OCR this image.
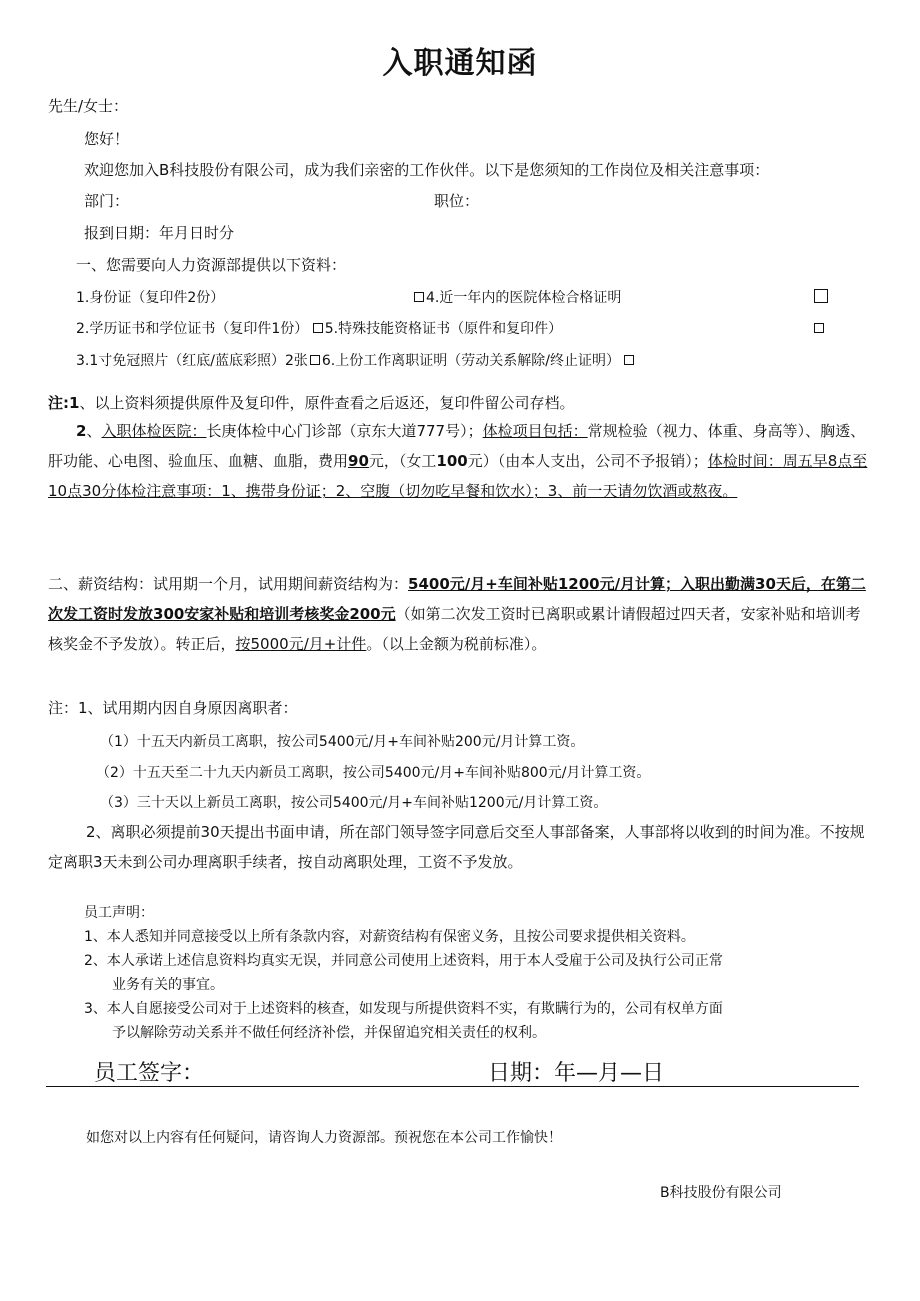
入职通知函
先生/女士：
您好！
欢迎您加入B科技股份有限公司，成为我们亲密的工作伙伴。以下是您须知的工作岗位及相关注意事项：
部门：	职位：
报到日期：年月日时分
一、您需要向人力资源部提供以下资料：
1.身份证（复印件2份）	4.近一年内的医院体检合格证明
2.学历证书和学位证书（复印件1份） 5.特殊技能资格证书（原件和复印件）
3.1寸免冠照片（红底/蓝底彩照）2张 6.上份工作离职证明（劳动关系解除/终止证明）
注:1、以上资料须提供原件及复印件，原件查看之后返还，复印件留公司存档。
2、入职体检医院：长庚体检中心门诊部（京东大道777号）；体检项目包括：常规检验（视力、体重、身高等）、胸透、肝功能、心电图、验血压、血糖、血脂，费用90元，（女工100元）（由本人支出，公司不予报销）；体检时间：周五早8点至10点30分体检注意事项：1、携带身份证；2、空腹（切勿吃早餐和饮水）；3、前一天请勿饮酒或熬夜。
二、薪资结构：试用期一个月，试用期间薪资结构为：5400元/月+车间补贴1200元/月计算；入职出勤满30天后，在第二次发工资时发放300安家补贴和培训考核奖金200元（如第二次发工资时已离职或累计请假超过四天者，安家补贴和培训考核奖金不予发放）。转正后，按5000元/月+计件。（以上金额为税前标准）。
注：1、试用期内因自身原因离职者：
（1）十五天内新员工离职，按公司5400元/月+车间补贴200元/月计算工资。
（2）十五天至二十九天内新员工离职，按公司5400元/月+车间补贴800元/月计算工资。
（3）三十天以上新员工离职，按公司5400元/月+车间补贴1200元/月计算工资。
2、离职必须提前30天提出书面申请，所在部门领导签字同意后交至人事部备案，人事部将以收到的时间为准。不按规定离职3天未到公司办理离职手续者，按自动离职处理，工资不予发放。
员工声明：
1、本人悉知并同意接受以上所有条款内容，对薪资结构有保密义务，且按公司要求提供相关资料。
2、本人承诺上述信息资料均真实无误，并同意公司使用上述资料，用于本人受雇于公司及执行公司正常
业务有关的事宜。
3、本人自愿接受公司对于上述资料的核查，如发现与所提供资料不实，有欺瞒行为的，公司有权单方面
予以解除劳动关系并不做任何经济补偿，并保留追究相关责任的权利。
员工签字：	日期：年—月—日
如您对以上内容有任何疑问，请咨询人力资源部。预祝您在本公司工作愉快！
B科技股份有限公司
